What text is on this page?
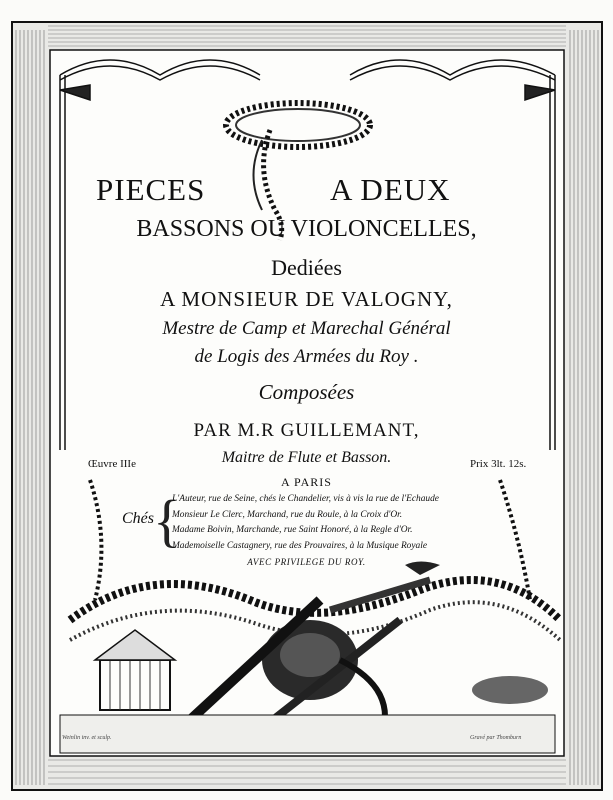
PIECES	A DEUX
BASSONS OU VIOLONCELLES,
Dediées
A MONSIEUR DE VALOGNY,
Mestre de Camp et Marechal Général
de Logis des Armées du Roy .
Composées
PAR M.R GUILLEMANT,
Maitre de Flute et Basson.
Œuvre IIIe	Prix 3lt. 12s.
A PARIS
Chés {
L'Auteur, rue de Seine, chés le Chandelier, vis à vis la rue de l'Echaude
Monsieur Le Clerc, Marchand, rue du Roule, à la Croix d'Or.
Madame Boivin, Marchande, rue Saint Honoré, à la Regle d'Or.
Mademoiselle Castagnery, rue des Prouvaires, à la Musique Royale
AVEC PRIVILEGE DU ROY.
Weinlin inv. et sculp.	Gravé par Thomburn
